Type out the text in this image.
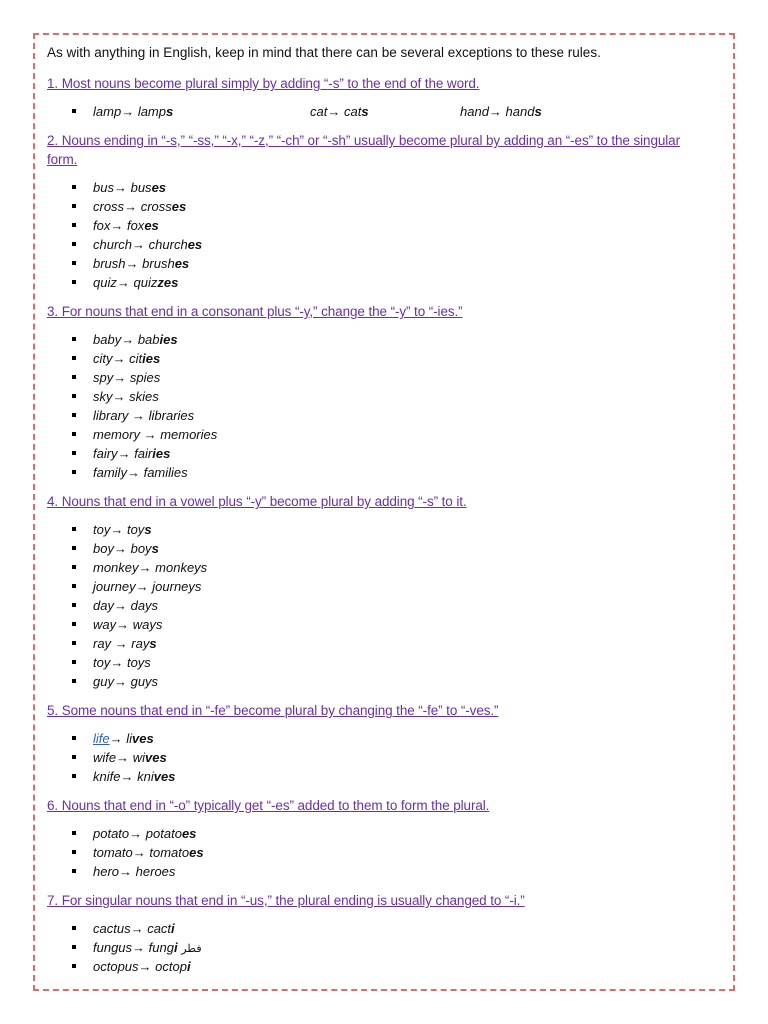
As with anything in English, keep in mind that there can be several exceptions to these rules.

1. Most nouns become plural simply by adding “-s” to the end of the word.

lamp→ lamps	cat→ cats	hand→ hands

2. Nouns ending in “-s,” “-ss,” “-x,” “-z,” “-ch” or “-sh” usually become plural by adding an “-es” to the singular
form.

bus→ buses
cross→ crosses
fox→ foxes
church→ churches
brush→ brushes
quiz→ quizzes

3. For nouns that end in a consonant plus “-y,” change the “-y” to “-ies.”

baby→ babies
city→ cities
spy→ spies
sky→ skies
library → libraries
memory → memories
fairy→ fairies
family→ families

4. Nouns that end in a vowel plus “-y” become plural by adding “-s” to it.

toy→ toys
boy→ boys
monkey→ monkeys
journey→ journeys
day→ days
way→ ways
ray → rays
toy→ toys
guy→ guys

5. Some nouns that end in “-fe” become plural by changing the “-fe” to “-ves.”

life→ lives
wife→ wives
knife→ knives

6. Nouns that end in “-o” typically get “-es” added to them to form the plural.

potato→ potatoes
tomato→ tomatoes
hero→ heroes

7. For singular nouns that end in “-us,” the plural ending is usually changed to “-i.”

cactus→ cacti
fungus→ fungi فطر
octopus→ octopi
